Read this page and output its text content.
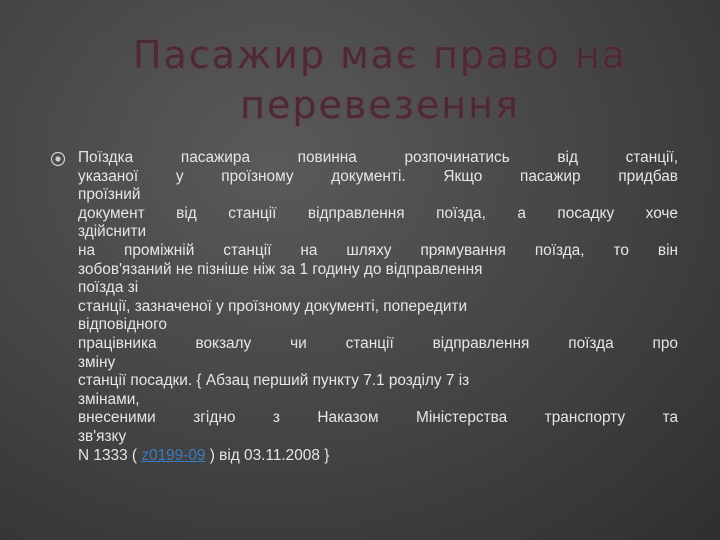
Пасажир має право на
перевезення
Поїздка пасажира повинна розпочинатись від станції,
указаної у проїзному документі. Якщо пасажир придбав
проїзний
документ від станції відправлення поїзда, а посадку хоче
здійснити
на проміжній станції на шляху прямування поїзда, то він
зобов'язаний не пізніше ніж за 1 годину до відправлення
поїзда зі
станції, зазначеної у проїзному документі, попередити
відповідного
працівника вокзалу чи станції відправлення поїзда про
зміну
станції посадки. { Абзац перший пункту 7.1 розділу 7 із
змінами,
внесеними згідно з Наказом Міністерства транспорту та
зв'язку
N 1333 ( z0199-09 ) від 03.11.2008 }
